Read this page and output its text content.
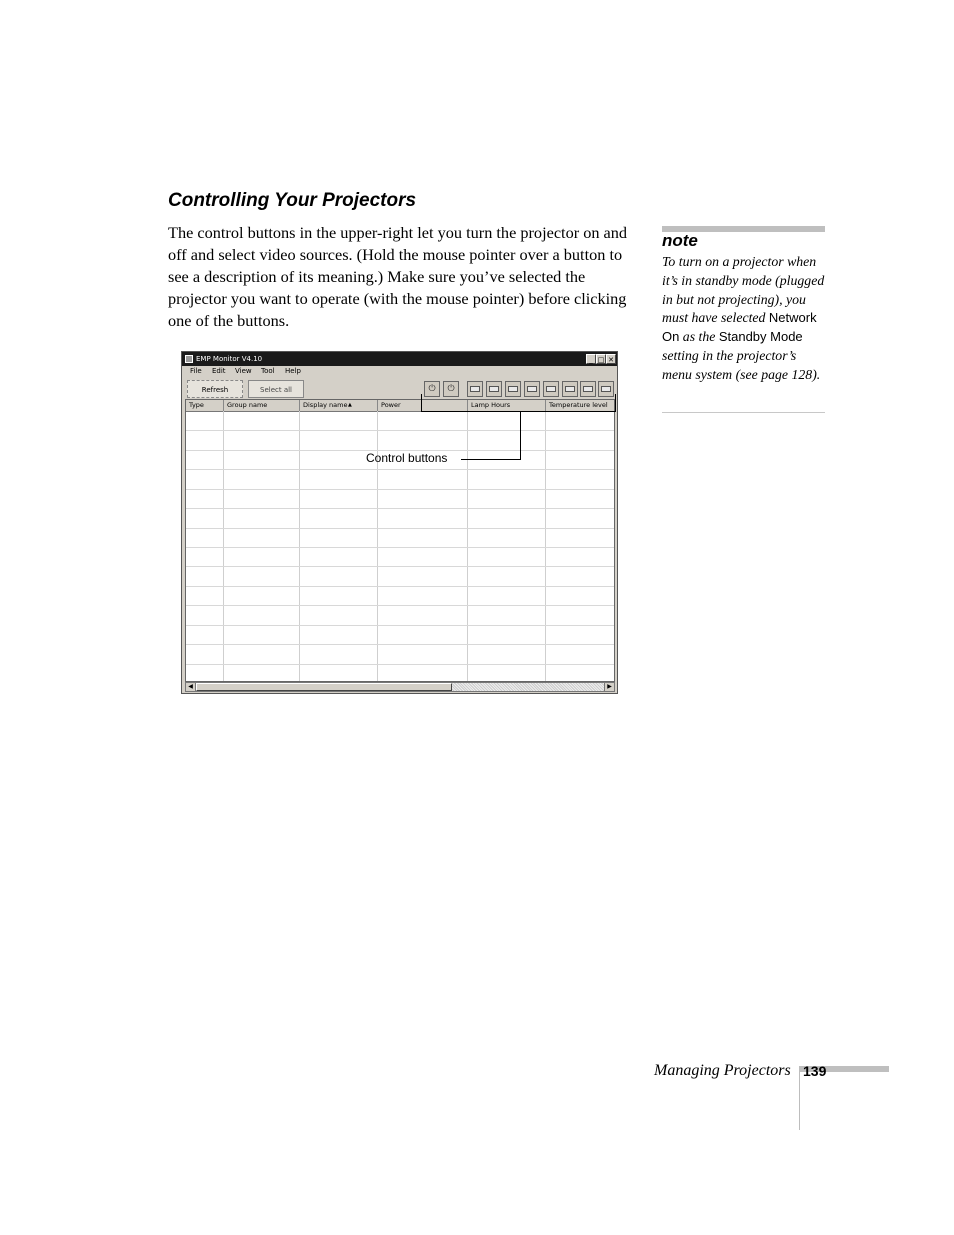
Controlling Your Projectors

The control buttons in the upper-right let you turn the projector on and off and select video sources. (Hold the mouse pointer over a button to see a description of its meaning.) Make sure you’ve selected the projector you want to operate (with the mouse pointer) before clicking one of the buttons.

note

To turn on a projector when it’s in standby mode (plugged in but not projecting), you must have selected Network On as the Standby Mode setting in the projector’s menu system (see page 128).

EMP Monitor V4.10	_ □ ✕
File Edit View Tool Help
Refresh	Select all	⏻	⏻
Type	Group name	Display name ▲	Power	Lamp Hours	Temperature level
◀	▶
Control buttons
Managing Projectors 139
